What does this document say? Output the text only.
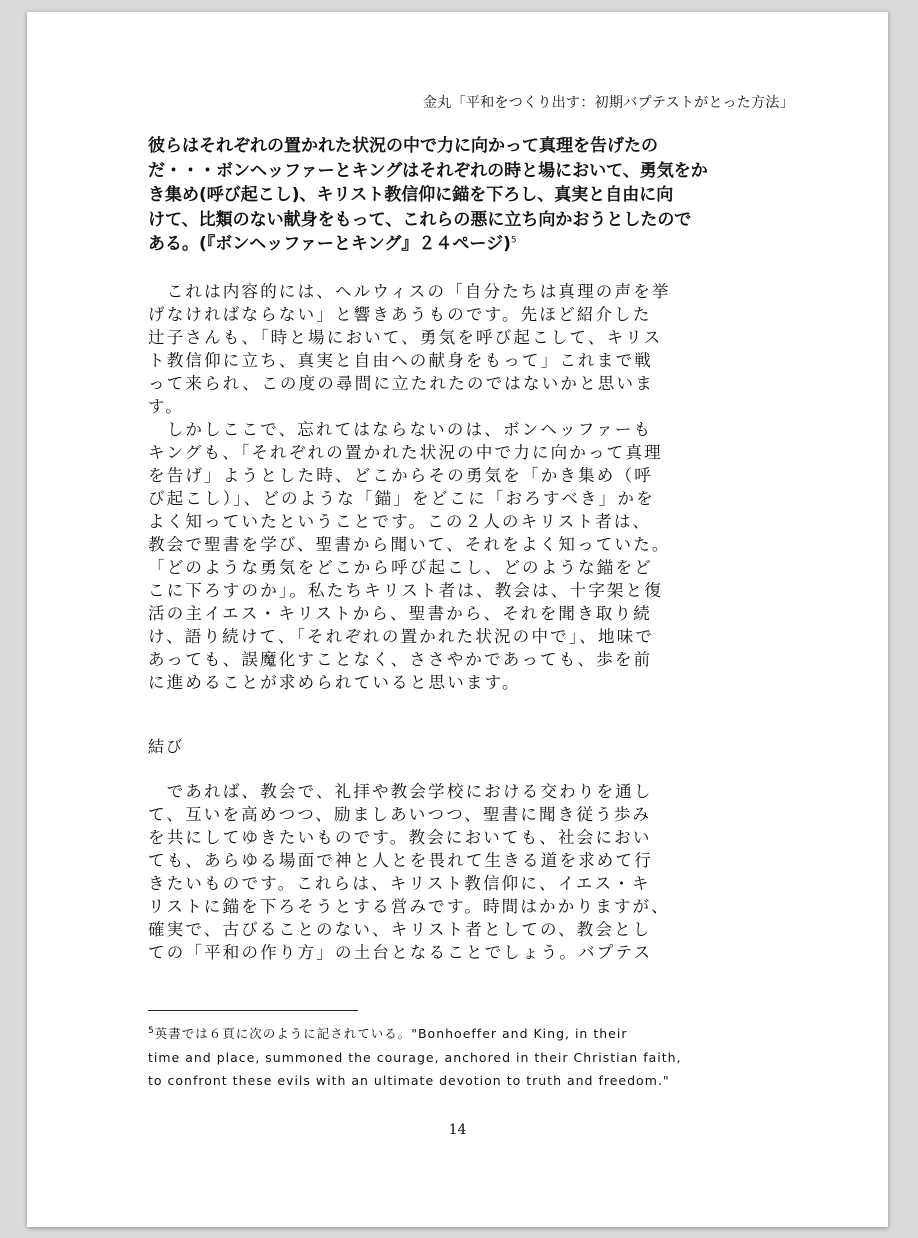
金丸「平和をつくり出す：初期バプテストがとった方法」
彼らはそれぞれの置かれた状況の中で力に向かって真理を告げたの
だ・・・ボンヘッファーとキングはそれぞれの時と場において、勇気をか
き集め(呼び起こし)、キリスト教信仰に錨を下ろし、真実と自由に向
けて、比類のない献身をもって、これらの悪に立ち向かおうとしたので
ある。(『ボンヘッファーとキング』２４ページ)$^5$
　これは内容的には、ヘルウィスの「自分たちは真理の声を挙
げなければならない」と響きあうものです。先ほど紹介した
辻子さんも、「時と場において、勇気を呼び起こして、キリス
ト教信仰に立ち、真実と自由への献身をもって」これまで戦
って来られ、この度の尋問に立たれたのではないかと思いま
す。
　しかしここで、忘れてはならないのは、ボンヘッファーも
キングも、「それぞれの置かれた状況の中で力に向かって真理
を告げ」ようとした時、どこからその勇気を「かき集め（呼
び起こし）」、どのような「錨」をどこに「おろすべき」かを
よく知っていたということです。この２人のキリスト者は、
教会で聖書を学び、聖書から聞いて、それをよく知っていた。
「どのような勇気をどこから呼び起こし、どのような錨をど
こに下ろすのか」。私たちキリスト者は、教会は、十字架と復
活の主イエス・キリストから、聖書から、それを聞き取り続
け、語り続けて、「それぞれの置かれた状況の中で」、地味で
あっても、誤魔化すことなく、ささやかであっても、歩を前
に進めることが求められていると思います。
結び
　であれば、教会で、礼拝や教会学校における交わりを通し
て、互いを高めつつ、励ましあいつつ、聖書に聞き従う歩み
を共にしてゆきたいものです。教会においても、社会におい
ても、あらゆる場面で神と人とを畏れて生きる道を求めて行
きたいものです。これらは、キリスト教信仰に、イエス・キ
リストに錨を下ろそうとする営みです。時間はかかりますが、
確実で、古びることのない、キリスト者としての、教会とし
ての「平和の作り方」の土台となることでしょう。バプテス
$^5$英書では６頁に次のように記されている。"Bonhoeffer and King, in their
time and place, summoned the courage, anchored in their Christian faith,
to confront these evils with an ultimate devotion to truth and freedom."
14
